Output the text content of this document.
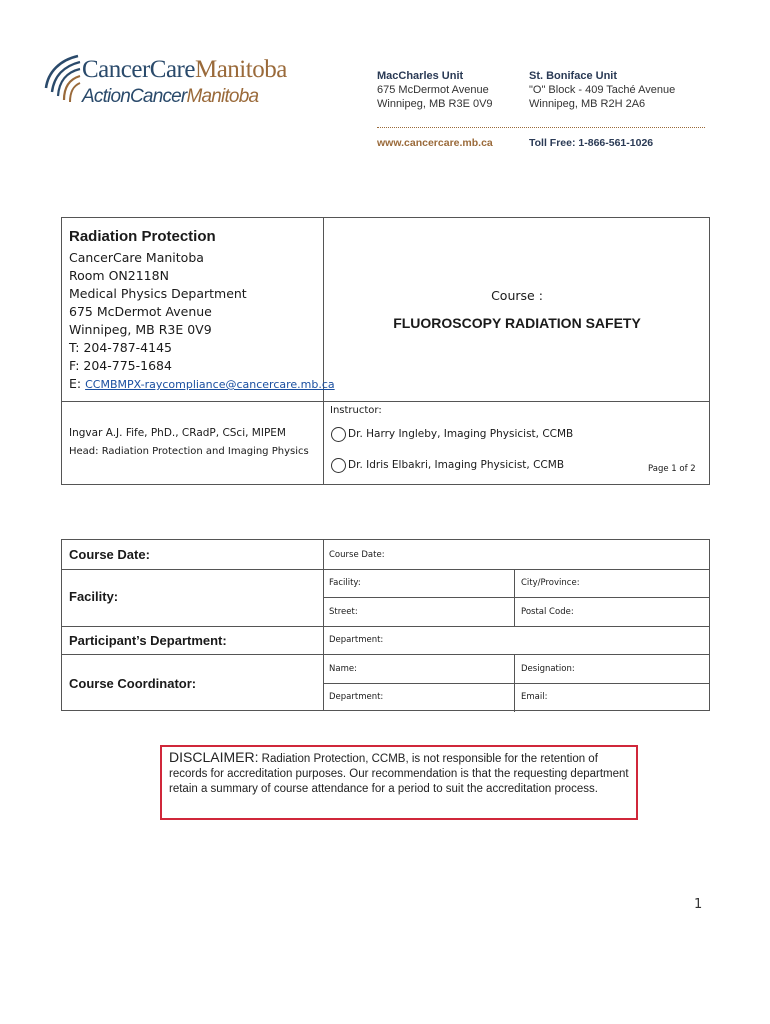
CancerCareManitoba
ActionCancerManitoba
MacCharles Unit
675 McDermot Avenue
Winnipeg, MB R3E 0V9
St. Boniface Unit
"O" Block - 409 Taché Avenue
Winnipeg, MB R2H 2A6
www.cancercare.mb.ca	Toll Free: 1-866-561-1026
Radiation Protection
CancerCare Manitoba
Room ON2118N
Medical Physics Department
675 McDermot Avenue
Winnipeg, MB R3E 0V9
T: 204-787-4145
F: 204-775-1684
E: CCMBMPX-raycompliance@cancercare.mb.ca
Course :
FLUOROSCOPY RADIATION SAFETY
Ingvar A.J. Fife, PhD., CRadP, CSci, MIPEM
Head: Radiation Protection and Imaging Physics
Instructor:
Dr. Harry Ingleby, Imaging Physicist, CCMB
Dr. Idris Elbakri, Imaging Physicist, CCMB	Page 1 of 2
Course Date:	Course Date:
Facility:
Facility:	City/Province:
Street:	Postal Code:
Participant’s Department:	Department:
Course Coordinator:
Name:	Designation:
Department:	Email:
DISCLAIMER: Radiation Protection, CCMB, is not responsible for the retention of records for accreditation purposes. Our recommendation is that the requesting department retain a summary of course attendance for a period to suit the accreditation process.
1
